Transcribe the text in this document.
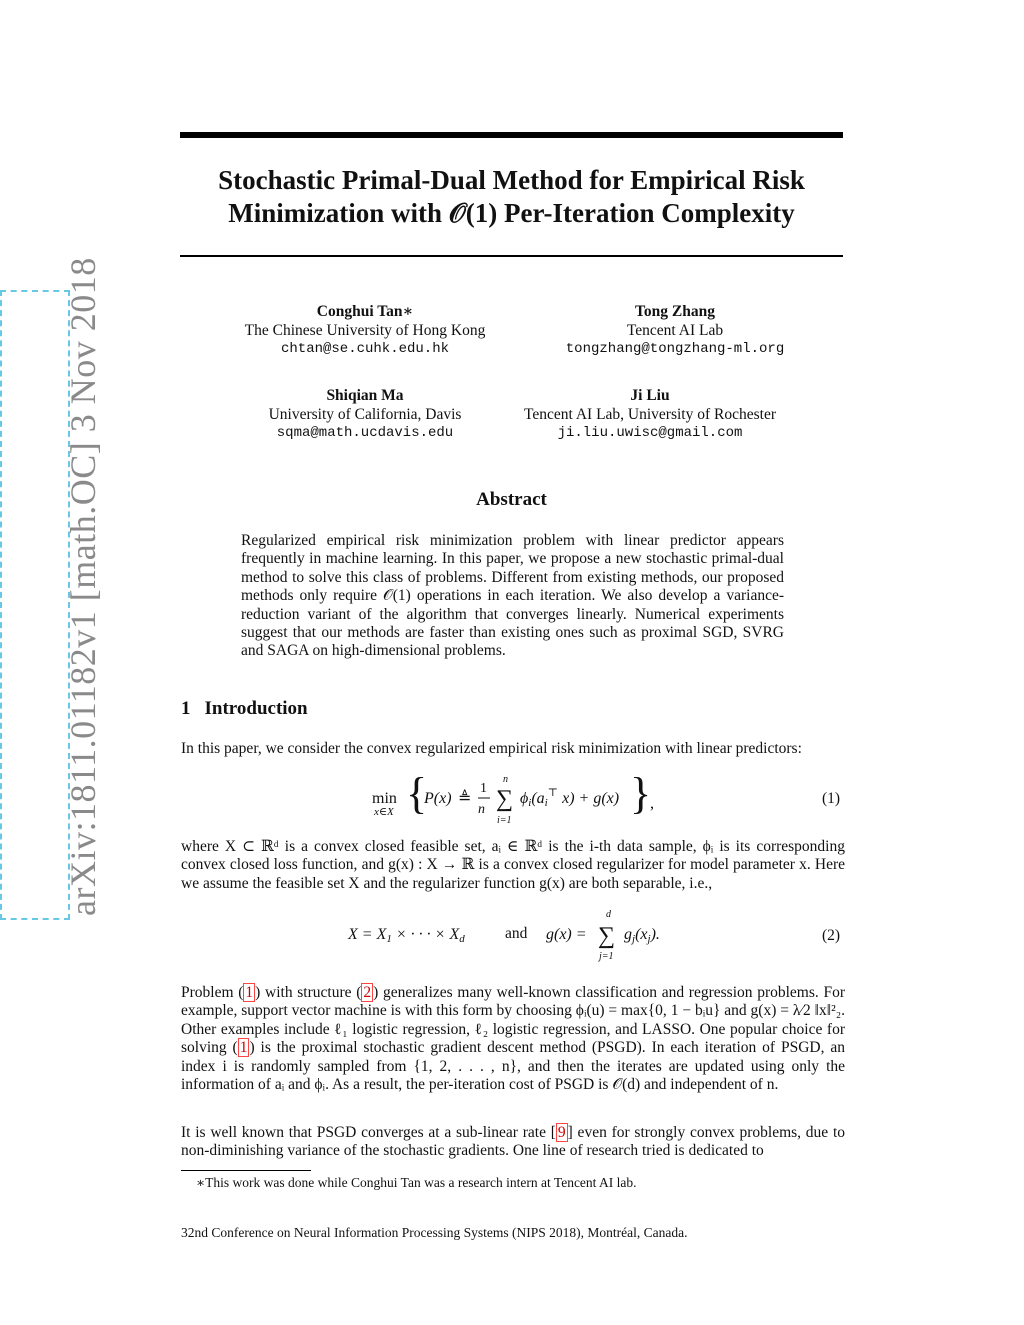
arXiv:1811.01182v1 [math.OC] 3 Nov 2018
Stochastic Primal-Dual Method for Empirical Risk
Minimization with 𝒪(1) Per-Iteration Complexity
Conghui Tan∗
The Chinese University of Hong Kong
chtan@se.cuhk.edu.hk
Tong Zhang
Tencent AI Lab
tongzhang@tongzhang-ml.org
Shiqian Ma
University of California, Davis
sqma@math.ucdavis.edu
Ji Liu
Tencent AI Lab, University of Rochester
ji.liu.uwisc@gmail.com
Abstract
Regularized empirical risk minimization problem with linear predictor appears frequently in machine learning. In this paper, we propose a new stochastic primal-dual method to solve this class of problems. Different from existing methods, our proposed methods only require 𝒪(1) operations in each iteration. We also develop a variance-reduction variant of the algorithm that converges linearly. Numerical experiments suggest that our methods are faster than existing ones such as proximal SGD, SVRG and SAGA on high-dimensional problems.
1 Introduction
In this paper, we consider the convex regularized empirical risk minimization with linear predictors:
min
x∈X {
P(x) ≜
1
n ∑
n
i=1
ϕi(ai⊤ x) + g(x) }
,	(1)
where X ⊂ ℝᵈ is a convex closed feasible set, aᵢ ∈ ℝᵈ is the i-th data sample, ϕᵢ is its corresponding convex closed loss function, and g(x) : X → ℝ is a convex closed regularizer for model parameter x. Here we assume the feasible set X and the regularizer function g(x) are both separable, i.e.,
X = X1 × · · · × Xd	g(x) = ∑
d
j=1
gj(xj).
and	(2)
Problem ( 1 ) with structure ( 2 ) generalizes many well-known classification and regression problems. For example, support vector machine is with this form by choosing ϕᵢ(u) = max{0, 1 − bᵢu} and g(x) = λ⁄2 ‖x‖²₂. Other examples include ℓ₁ logistic regression, ℓ₂ logistic regression, and LASSO. One popular choice for solving ( 1 ) is the proximal stochastic gradient descent method (PSGD). In each iteration of PSGD, an index i is randomly sampled from {1, 2, . . . , n}, and then the iterates are updated using only the information of aᵢ and ϕᵢ. As a result, the per-iteration cost of PSGD is 𝒪(d) and independent of n.
It is well known that PSGD converges at a sub-linear rate [ 9 ] even for strongly convex problems, due to non-diminishing variance of the stochastic gradients. One line of research tried is dedicated to
∗This work was done while Conghui Tan was a research intern at Tencent AI lab.
32nd Conference on Neural Information Processing Systems (NIPS 2018), Montréal, Canada.
